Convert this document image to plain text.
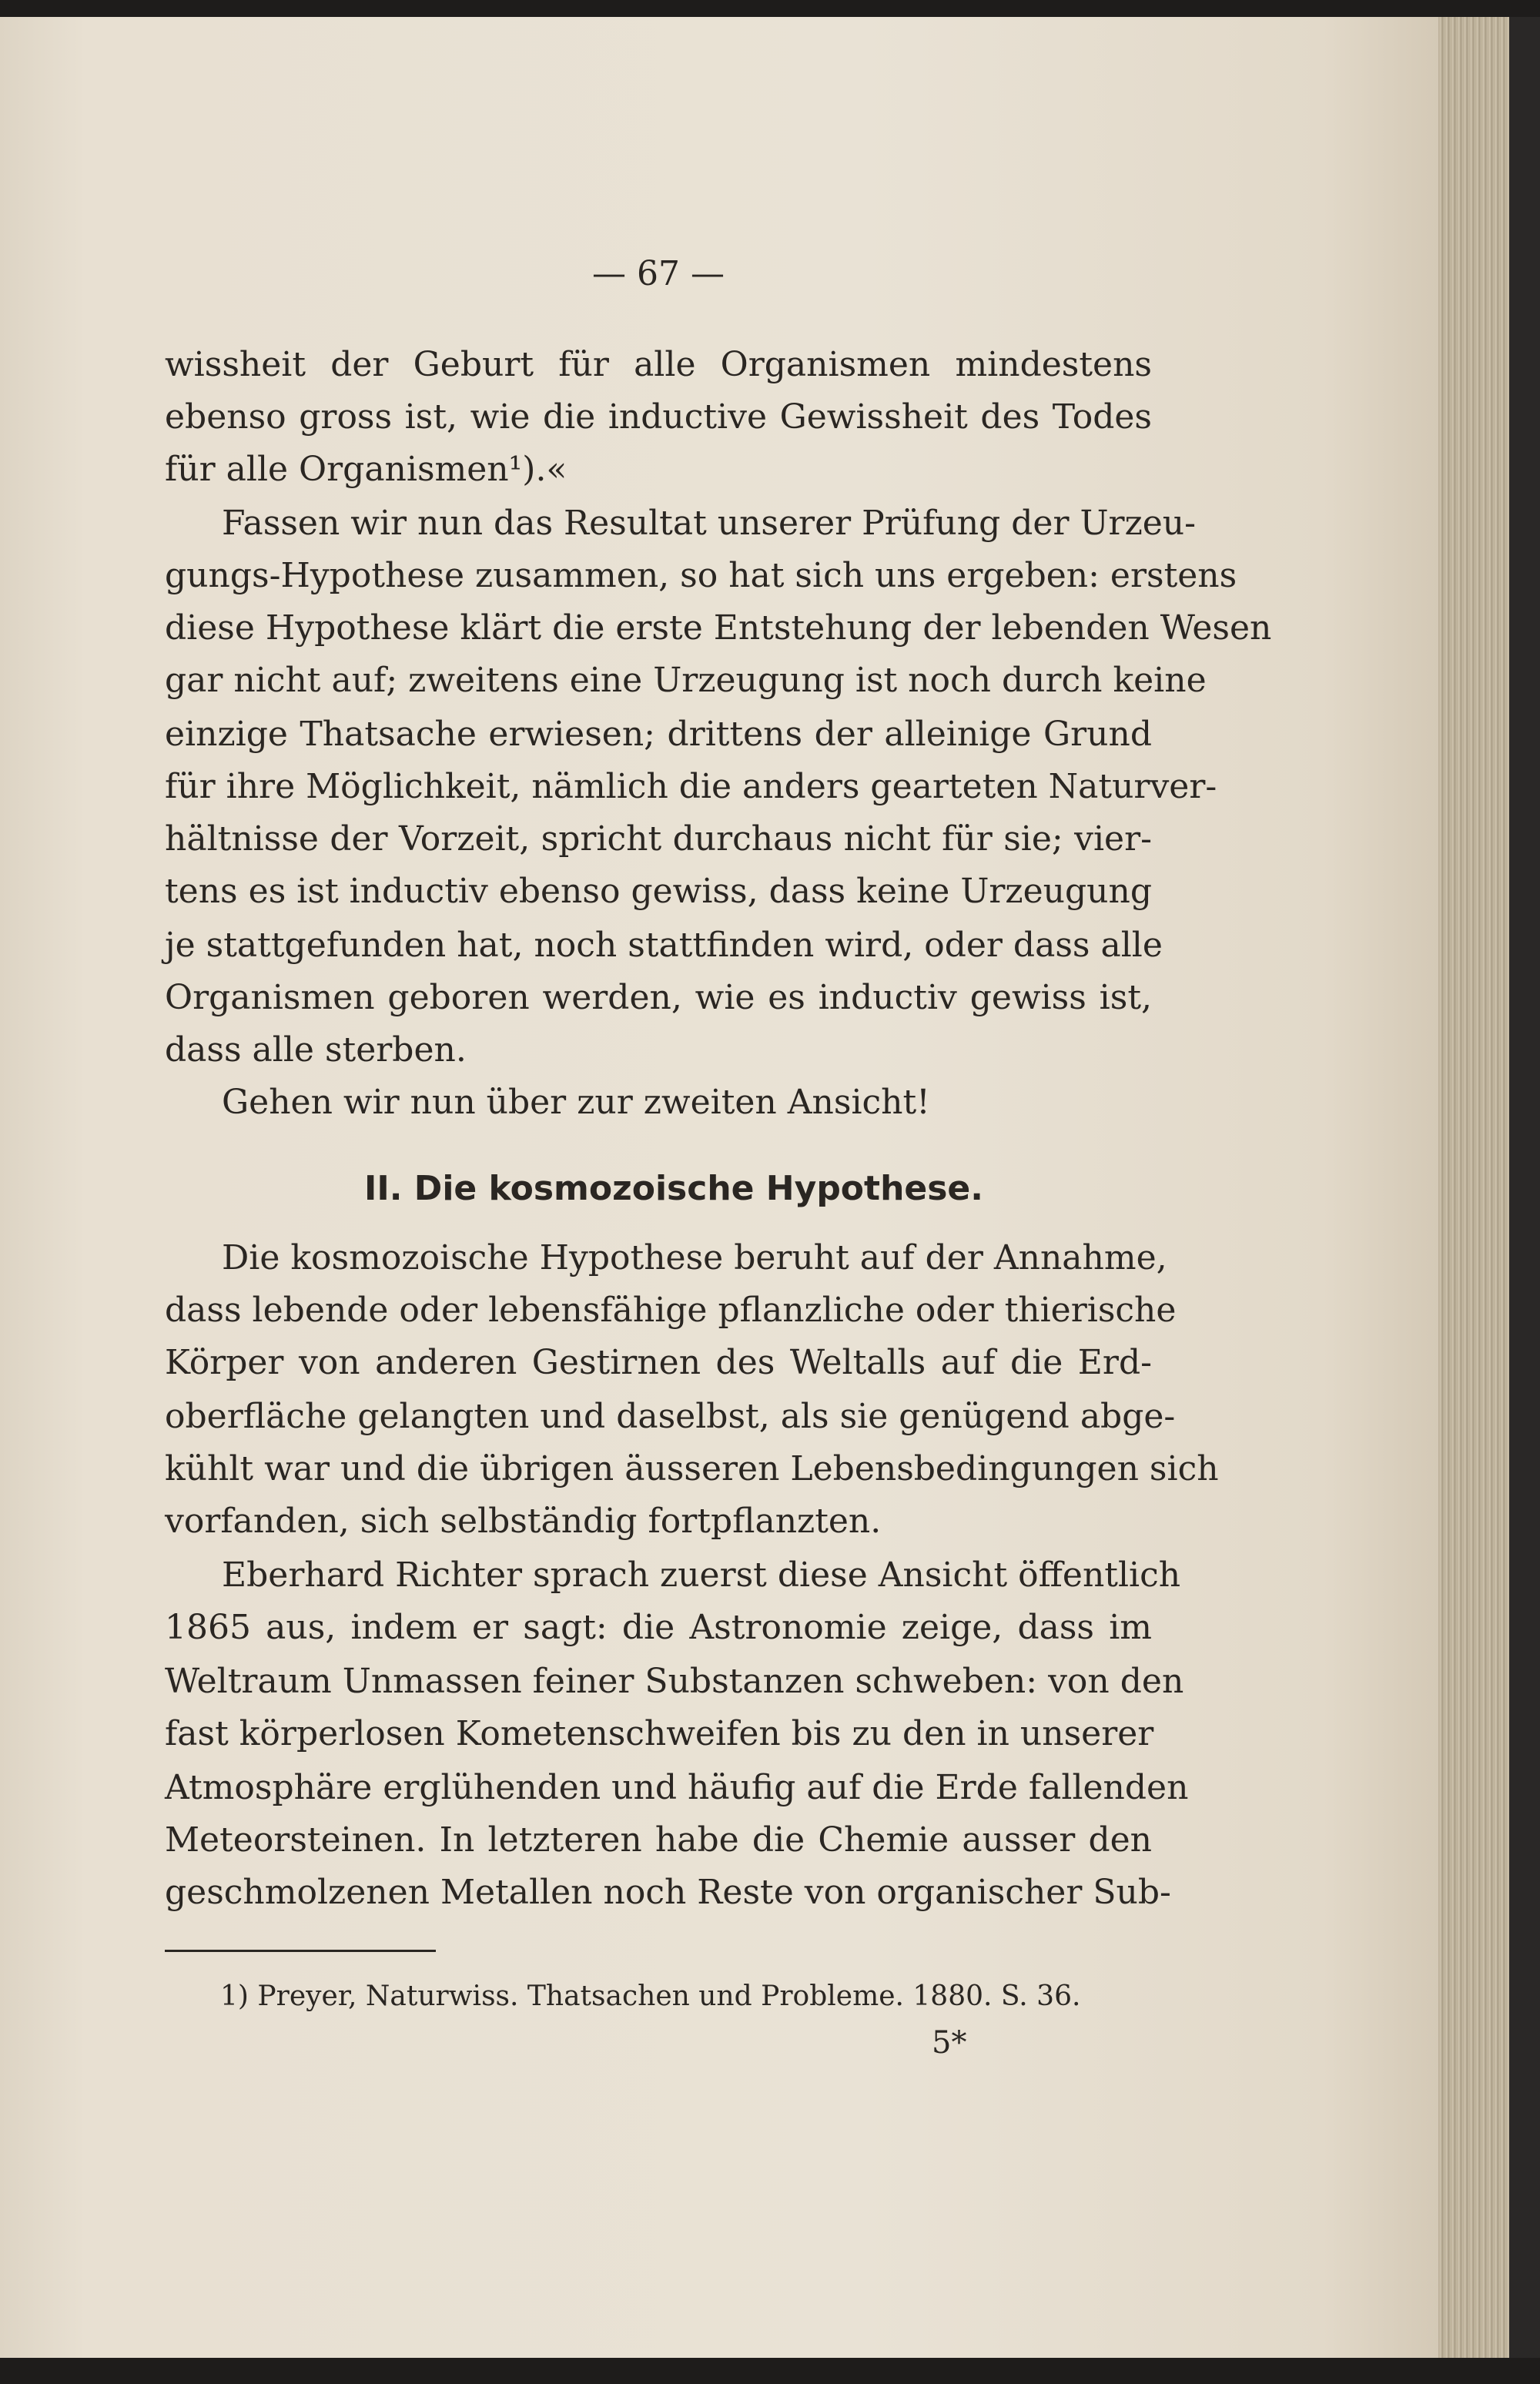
— 67 —
wissheit der Geburt für alle Organismen mindestens
ebenso gross ist, wie die inductive Gewissheit des Todes
für alle Organismen¹).«
Fassen wir nun das Resultat unserer Prüfung der Urzeu-
gungs-Hypothese zusammen, so hat sich uns ergeben: erstens
diese Hypothese klärt die erste Entstehung der lebenden Wesen
gar nicht auf; zweitens eine Urzeugung ist noch durch keine
einzige Thatsache erwiesen; drittens der alleinige Grund
für ihre Möglichkeit, nämlich die anders gearteten Naturver-
hältnisse der Vorzeit, spricht durchaus nicht für sie; vier-
tens es ist inductiv ebenso gewiss, dass keine Urzeugung
je stattgefunden hat, noch stattfinden wird, oder dass alle
Organismen geboren werden, wie es inductiv gewiss ist,
dass alle sterben.
Gehen wir nun über zur zweiten Ansicht!
II. Die kosmozoische Hypothese.
Die kosmozoische Hypothese beruht auf der Annahme,
dass lebende oder lebensfähige pflanzliche oder thierische
Körper von anderen Gestirnen des Weltalls auf die Erd-
oberfläche gelangten und daselbst, als sie genügend abge-
kühlt war und die übrigen äusseren Lebensbedingungen sich
vorfanden, sich selbständig fortpflanzten.
Eberhard Richter sprach zuerst diese Ansicht öffentlich
1865 aus, indem er sagt: die Astronomie zeige, dass im
Weltraum Unmassen feiner Substanzen schweben: von den
fast körperlosen Kometenschweifen bis zu den in unserer
Atmosphäre erglühenden und häufig auf die Erde fallenden
Meteorsteinen. In letzteren habe die Chemie ausser den
geschmolzenen Metallen noch Reste von organischer Sub-
1) Preyer, Naturwiss. Thatsachen und Probleme. 1880. S. 36.
5*
